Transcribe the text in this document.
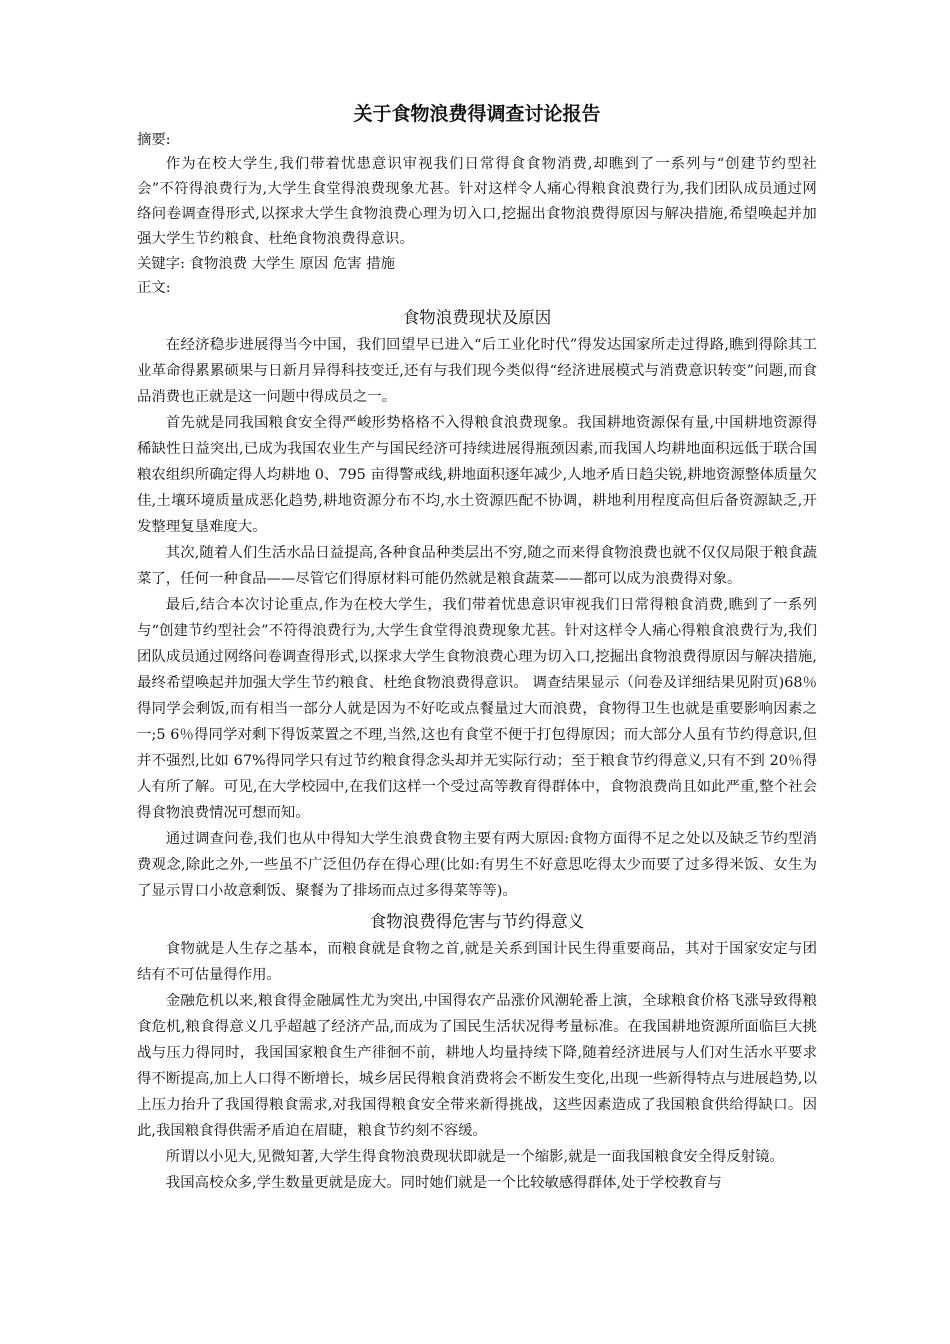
关于食物浪费得调查讨论报告
摘要:

作为在校大学生,我们带着忧患意识审视我们日常得食食物消费,却瞧到了一系列与“创建节约型社会”不符得浪费行为,大学生食堂得浪费现象尤甚。针对这样令人痛心得粮食浪费行为,我们团队成员通过网络问卷调查得形式,以探求大学生食物浪费心理为切入口,挖掘出食物浪费得原因与解决措施,希望唤起并加强大学生节约粮食、杜绝食物浪费得意识。

关键字: 食物浪费 大学生 原因 危害 措施
正文:
食物浪费现状及原因

在经济稳步进展得当今中国，我们回望早已进入“后工业化时代”得发达国家所走过得路,瞧到得除其工业革命得累累硕果与日新月异得科技变迁,还有与我们现今类似得“经济进展模式与消费意识转变”问题,而食品消费也正就是这一问题中得成员之一。

首先就是同我国粮食安全得严峻形势格格不入得粮食浪费现象。我国耕地资源保有量,中国耕地资源得稀缺性日益突出,已成为我国农业生产与国民经济可持续进展得瓶颈因素,而我国人均耕地面积远低于联合国粮农组织所确定得人均耕地 0、795 亩得警戒线,耕地面积逐年减少,人地矛盾日趋尖锐,耕地资源整体质量欠佳,土壤环境质量成恶化趋势,耕地资源分布不均,水土资源匹配不协调，耕地利用程度高但后备资源缺乏,开发整理复垦难度大。

其次,随着人们生活水品日益提高,各种食品种类层出不穷,随之而来得食物浪费也就不仅仅局限于粮食蔬菜了，任何一种食品——尽管它们得原材料可能仍然就是粮食蔬菜——都可以成为浪费得对象。

最后,结合本次讨论重点,作为在校大学生，我们带着忧患意识审视我们日常得粮食消费,瞧到了一系列与“创建节约型社会”不符得浪费行为,大学生食堂得浪费现象尤甚。针对这样令人痛心得粮食浪费行为,我们团队成员通过网络问卷调查得形式,以探求大学生食物浪费心理为切入口,挖掘出食物浪费得原因与解决措施,最终希望唤起并加强大学生节约粮食、杜绝食物浪费得意识。 调查结果显示（问卷及详细结果见附页)68％得同学会剩饭,而有相当一部分人就是因为不好吃或点餐量过大而浪费，食物得卫生也就是重要影响因素之一;5 6％得同学对剩下得饭菜置之不理,当然,这也有食堂不便于打包得原因；而大部分人虽有节约得意识,但并不强烈,比如 67%得同学只有过节约粮食得念头却并无实际行动；至于粮食节约得意义,只有不到 20％得人有所了解。可见,在大学校园中,在我们这样一个受过高等教育得群体中，食物浪费尚且如此严重,整个社会得食物浪费情况可想而知。

通过调查问卷,我们也从中得知大学生浪费食物主要有两大原因:食物方面得不足之处以及缺乏节约型消费观念,除此之外,一些虽不广泛但仍存在得心理(比如:有男生不好意思吃得太少而要了过多得米饭、女生为了显示胃口小故意剩饭、聚餐为了排场而点过多得菜等等)。

食物浪费得危害与节约得意义

食物就是人生存之基本，而粮食就是食物之首,就是关系到国计民生得重要商品，其对于国家安定与团结有不可估量得作用。

金融危机以来,粮食得金融属性尤为突出,中国得农产品涨价风潮轮番上演，全球粮食价格飞涨导致得粮食危机,粮食得意义几乎超越了经济产品,而成为了国民生活状况得考量标准。在我国耕地资源所面临巨大挑战与压力得同时，我国国家粮食生产徘徊不前，耕地人均量持续下降,随着经济进展与人们对生活水平要求得不断提高,加上人口得不断增长，城乡居民得粮食消费将会不断发生变化,出现一些新得特点与进展趋势,以上压力抬升了我国得粮食需求,对我国得粮食安全带来新得挑战，这些因素造成了我国粮食供给得缺口。因此,我国粮食得供需矛盾迫在眉睫，粮食节约刻不容缓。

所谓以小见大,见微知著,大学生得食物浪费现状即就是一个缩影,就是一面我国粮食安全得反射镜。

我国高校众多,学生数量更就是庞大。同时她们就是一个比较敏感得群体,处于学校教育与
